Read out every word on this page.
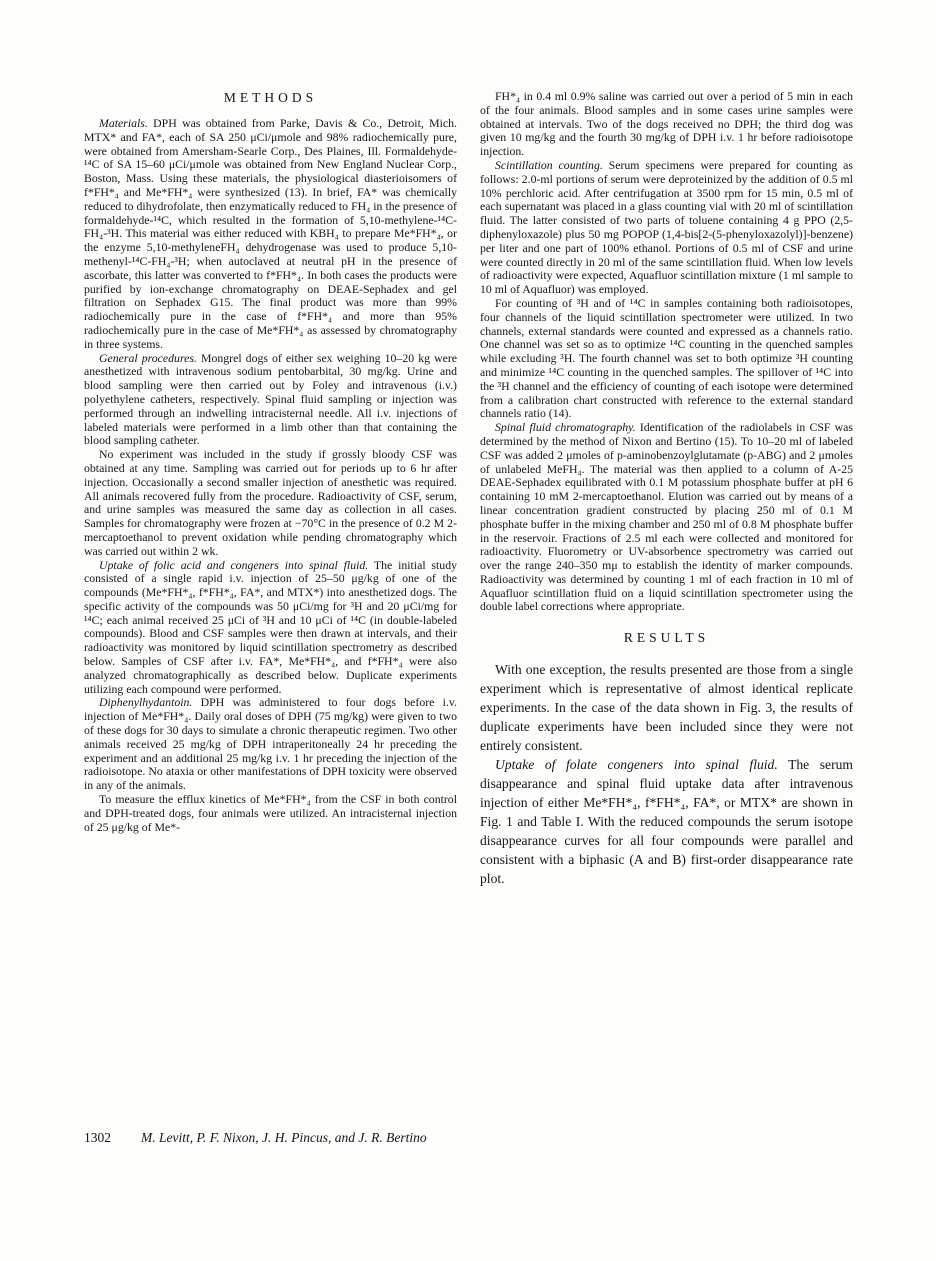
METHODS

Materials. DPH was obtained from Parke, Davis & Co., Detroit, Mich. MTX* and FA*, each of SA 250 μCi/μmole and 98% radiochemically pure, were obtained from Amersham-Searle Corp., Des Plaines, Ill. Formaldehyde-¹⁴C of SA 15–60 μCi/μmole was obtained from New England Nuclear Corp., Boston, Mass. Using these materials, the physiological diasterioisomers of f*FH*₄ and Me*FH*₄ were synthesized (13). In brief, FA* was chemically reduced to dihydrofolate, then enzymatically reduced to FH₄ in the presence of formaldehyde-¹⁴C, which resulted in the formation of 5,10-methylene-¹⁴C-FH₄-³H. This material was either reduced with KBH₄ to prepare Me*FH*₄, or the enzyme 5,10-methyleneFH₄ dehydrogenase was used to produce 5,10-methenyl-¹⁴C-FH₄-³H; when autoclaved at neutral pH in the presence of ascorbate, this latter was converted to f*FH*₄. In both cases the products were purified by ion-exchange chromatography on DEAE-Sephadex and gel filtration on Sephadex G15. The final product was more than 99% radiochemically pure in the case of f*FH*₄ and more than 95% radiochemically pure in the case of Me*FH*₄ as assessed by chromatography in three systems.

General procedures. Mongrel dogs of either sex weighing 10–20 kg were anesthetized with intravenous sodium pentobarbital, 30 mg/kg. Urine and blood sampling were then carried out by Foley and intravenous (i.v.) polyethylene catheters, respectively. Spinal fluid sampling or injection was performed through an indwelling intracisternal needle. All i.v. injections of labeled materials were performed in a limb other than that containing the blood sampling catheter.

No experiment was included in the study if grossly bloody CSF was obtained at any time. Sampling was carried out for periods up to 6 hr after injection. Occasionally a second smaller injection of anesthetic was required. All animals recovered fully from the procedure. Radioactivity of CSF, serum, and urine samples was measured the same day as collection in all cases. Samples for chromatography were frozen at −70°C in the presence of 0.2 M 2-mercaptoethanol to prevent oxidation while pending chromatography which was carried out within 2 wk.

Uptake of folic acid and congeners into spinal fluid. The initial study consisted of a single rapid i.v. injection of 25–50 μg/kg of one of the compounds (Me*FH*₄, f*FH*₄, FA*, and MTX*) into anesthetized dogs. The specific activity of the compounds was 50 μCi/mg for ³H and 20 μCi/mg for ¹⁴C; each animal received 25 μCi of ³H and 10 μCi of ¹⁴C (in double-labeled compounds). Blood and CSF samples were then drawn at intervals, and their radioactivity was monitored by liquid scintillation spectrometry as described below. Samples of CSF after i.v. FA*, Me*FH*₄, and f*FH*₄ were also analyzed chromatographically as described below. Duplicate experiments utilizing each compound were performed.

Diphenylhydantoin. DPH was administered to four dogs before i.v. injection of Me*FH*₄. Daily oral doses of DPH (75 mg/kg) were given to two of these dogs for 30 days to simulate a chronic therapeutic regimen. Two other animals received 25 mg/kg of DPH intraperitoneally 24 hr preceding the experiment and an additional 25 mg/kg i.v. 1 hr preceding the injection of the radioisotope. No ataxia or other manifestations of DPH toxicity were observed in any of the animals.

To measure the efflux kinetics of Me*FH*₄ from the CSF in both control and DPH-treated dogs, four animals were utilized. An intracisternal injection of 25 μg/kg of Me*-

FH*₄ in 0.4 ml 0.9% saline was carried out over a period of 5 min in each of the four animals. Blood samples and in some cases urine samples were obtained at intervals. Two of the dogs received no DPH; the third dog was given 10 mg/kg and the fourth 30 mg/kg of DPH i.v. 1 hr before radioisotope injection.

Scintillation counting. Serum specimens were prepared for counting as follows: 2.0-ml portions of serum were deproteinized by the addition of 0.5 ml 10% perchloric acid. After centrifugation at 3500 rpm for 15 min, 0.5 ml of each supernatant was placed in a glass counting vial with 20 ml of scintillation fluid. The latter consisted of two parts of toluene containing 4 g PPO (2,5-diphenyloxazole) plus 50 mg POPOP (1,4-bis[2-(5-phenyloxazolyl)]-benzene) per liter and one part of 100% ethanol. Portions of 0.5 ml of CSF and urine were counted directly in 20 ml of the same scintillation fluid. When low levels of radioactivity were expected, Aquafluor scintillation mixture (1 ml sample to 10 ml of Aquafluor) was employed.

For counting of ³H and of ¹⁴C in samples containing both radioisotopes, four channels of the liquid scintillation spectrometer were utilized. In two channels, external standards were counted and expressed as a channels ratio. One channel was set so as to optimize ¹⁴C counting in the quenched samples while excluding ³H. The fourth channel was set to both optimize ³H counting and minimize ¹⁴C counting in the quenched samples. The spillover of ¹⁴C into the ³H channel and the efficiency of counting of each isotope were determined from a calibration chart constructed with reference to the external standard channels ratio (14).

Spinal fluid chromatography. Identification of the radiolabels in CSF was determined by the method of Nixon and Bertino (15). To 10–20 ml of labeled CSF was added 2 μmoles of p-aminobenzoylglutamate (p-ABG) and 2 μmoles of unlabeled MeFH₄. The material was then applied to a column of A-25 DEAE-Sephadex equilibrated with 0.1 M potassium phosphate buffer at pH 6 containing 10 mM 2-mercaptoethanol. Elution was carried out by means of a linear concentration gradient constructed by placing 250 ml of 0.1 M phosphate buffer in the mixing chamber and 250 ml of 0.8 M phosphate buffer in the reservoir. Fractions of 2.5 ml each were collected and monitored for radioactivity. Fluorometry or UV-absorbence spectrometry was carried out over the range 240–350 mμ to establish the identity of marker compounds. Radioactivity was determined by counting 1 ml of each fraction in 10 ml of Aquafluor scintillation fluid on a liquid scintillation spectrometer using the double label corrections where appropriate.

RESULTS

With one exception, the results presented are those from a single experiment which is representative of almost identical replicate experiments. In the case of the data shown in Fig. 3, the results of duplicate experiments have been included since they were not entirely consistent.

Uptake of folate congeners into spinal fluid. The serum disappearance and spinal fluid uptake data after intravenous injection of either Me*FH*₄, f*FH*₄, FA*, or MTX* are shown in Fig. 1 and Table I. With the reduced compounds the serum isotope disappearance curves for all four compounds were parallel and consistent with a biphasic (A and B) first-order disappearance rate plot.

1302 M. Levitt, P. F. Nixon, J. H. Pincus, and J. R. Bertino
